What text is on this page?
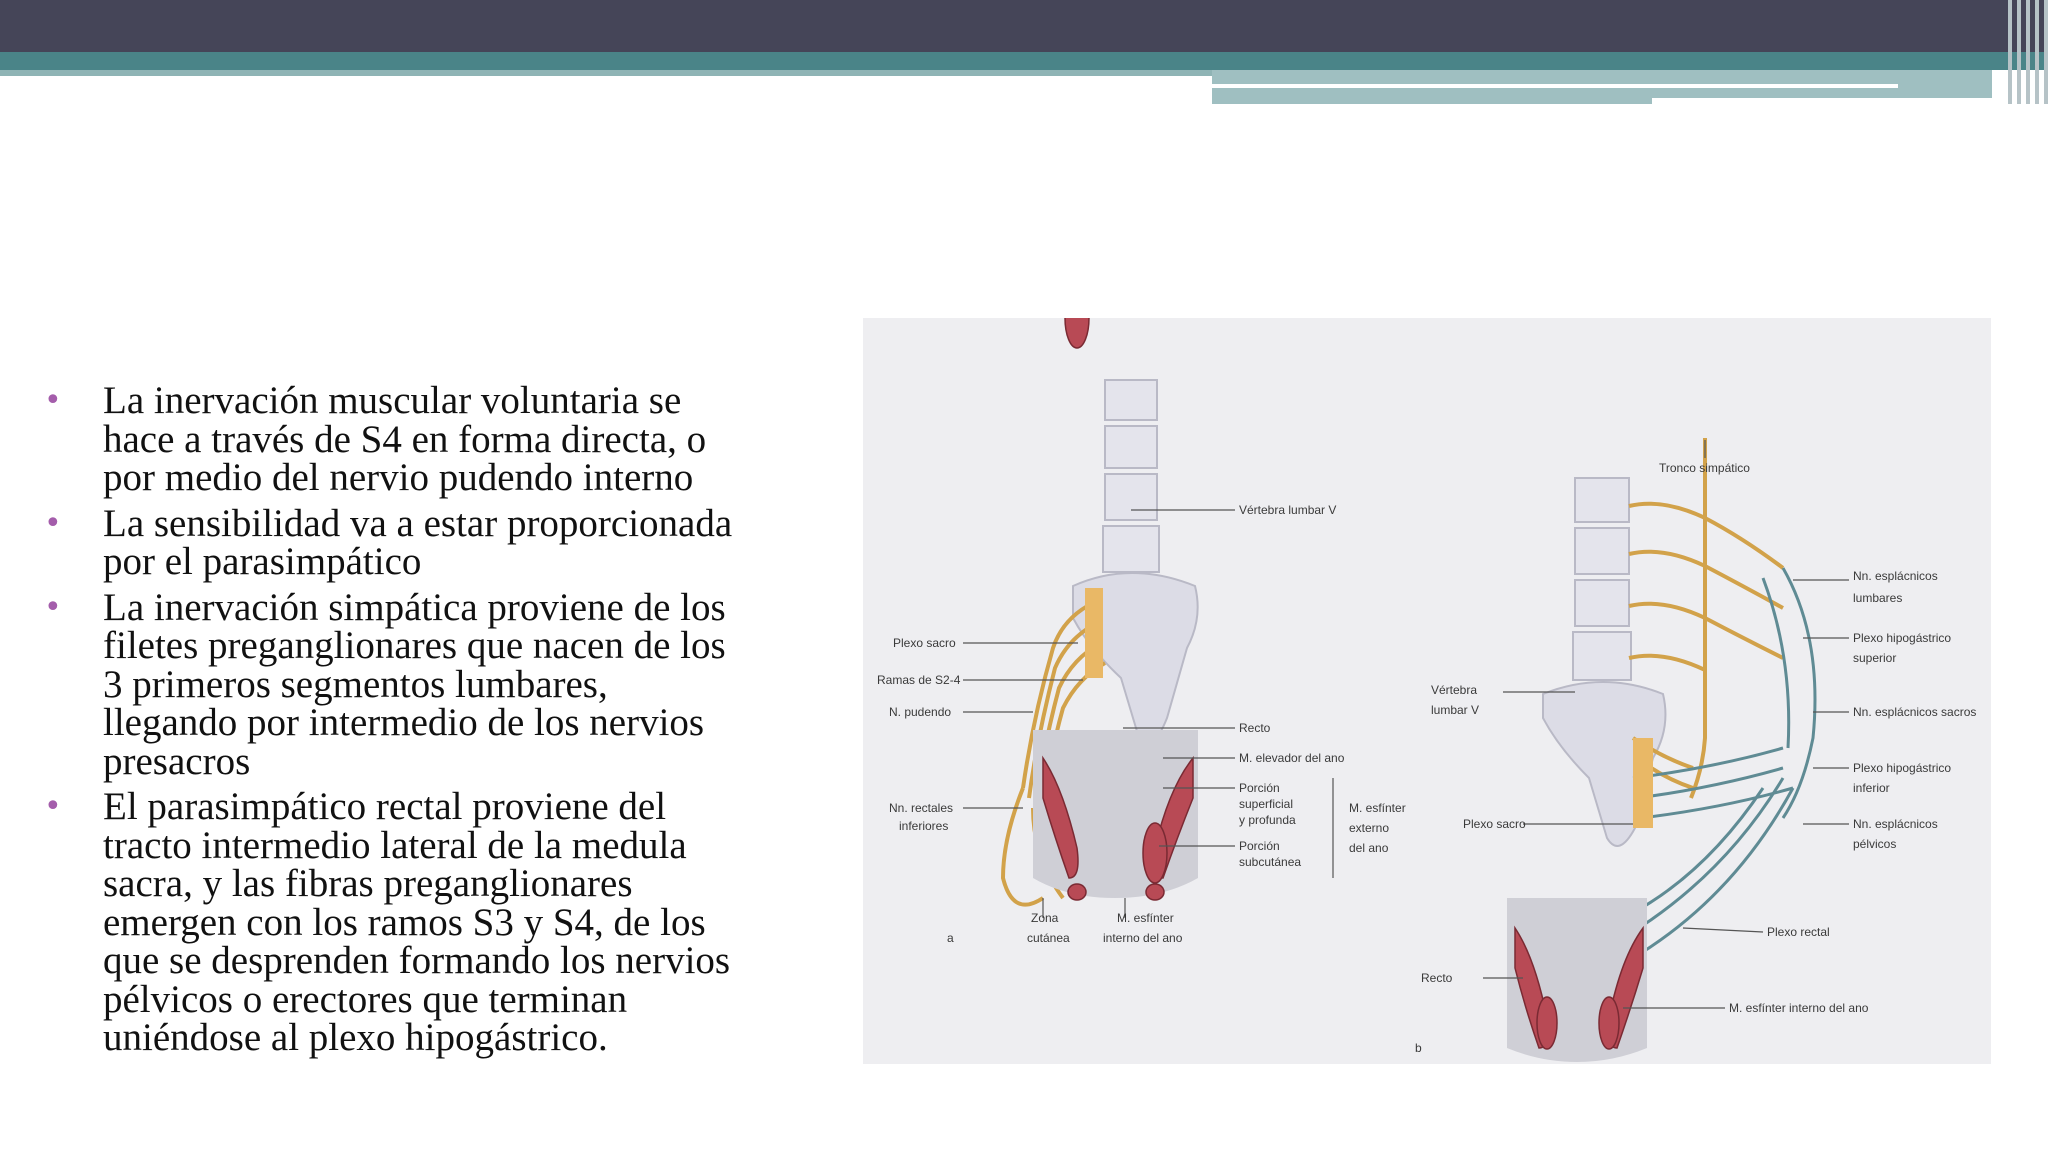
• La inervación muscular voluntaria se
hace a través de S4 en forma directa, o
por medio del nervio pudendo interno
• La sensibilidad va a estar proporcionada
por el parasimpático
• La inervación simpática proviene de los
filetes preganglionares que nacen de los
3 primeros segmentos lumbares,
llegando por intermedio de los nervios
presacros
• El parasimpático rectal proviene del
tracto intermedio lateral de la medula
sacra, y las fibras preganglionares
emergen con los ramos S3 y S4, de los
que se desprenden formando los nervios
pélvicos o erectores que terminan
uniéndose al plexo hipogástrico.
Vértebra lumbar V
Plexo sacro
Ramas de S2-4
N. pudendo
Recto
M. elevador del ano
Porción
superficial
y profunda
Porción
subcutánea
M. esfínter
externo
del ano
Nn. rectales
inferiores
Zona
cutánea
M. esfínter
interno del ano
a
Tronco simpático
Nn. esplácnicos
lumbares
Plexo hipogástrico
superior
Nn. esplácnicos sacros
Vértebra
lumbar V
Plexo hipogástrico
inferior
Plexo sacro	Nn. esplácnicos
pélvicos
Plexo rectal
Recto
M. esfínter interno del ano
b
